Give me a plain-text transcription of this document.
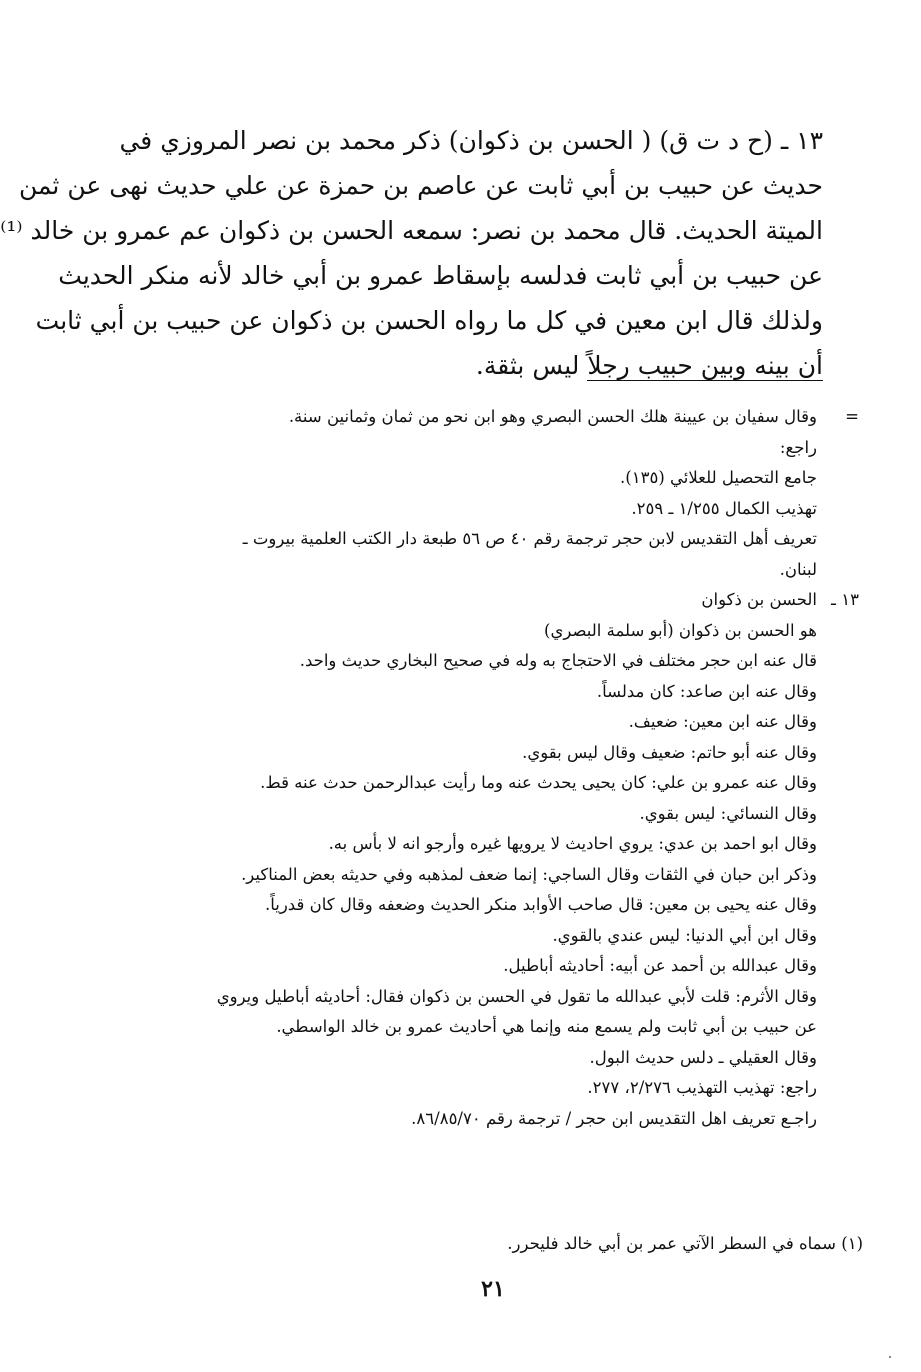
١٣ ـ (ح د ت ق) ( الحسن بن ذكوان) ذكر محمد بن نصر المروزي في
حديث عن حبيب بن أبي ثابت عن عاصم بن حمزة عن علي حديث نهى عن ثمن
الميتة الحديث. قال محمد بن نصر: سمعه الحسن بن ذكوان عم عمرو بن خالد ⁽¹⁾
عن حبيب بن أبي ثابت فدلسه بإسقاط عمرو بن أبي خالد لأنه منكر الحديث
ولذلك قال ابن معين في كل ما رواه الحسن بن ذكوان عن حبيب بن أبي ثابت
أن بينه وبين حبيب رجلاً ليس بثقة.
=وقال سفيان بن عيينة هلك الحسن البصري وهو ابن نحو من ثمان وثمانين سنة.
راجع:
جامع التحصيل للعلائي (١٣٥).
تهذيب الكمال ١/٢٥٥ ـ ٢٥٩.
تعريف أهل التقديس لابن حجر ترجمة رقم ٤٠ ص ٥٦ طبعة دار الكتب العلمية بيروت ـ
لبنان.
١٣ ـالحسن بن ذكوان
هو الحسن بن ذكوان (أبو سلمة البصري)
قال عنه ابن حجر مختلف في الاحتجاج به وله في صحيح البخاري حديث واحد.
وقال عنه ابن صاعد: كان مدلساً.
وقال عنه ابن معين: ضعيف.
وقال عنه أبو حاتم: ضعيف وقال ليس بقوي.
وقال عنه عمرو بن علي: كان يحيى يحدث عنه وما رأيت عبدالرحمن حدث عنه قط.
وقال النسائي: ليس بقوي.
وقال ابو احمد بن عدي: يروي احاديث لا يرويها غيره وأرجو انه لا بأس به.
وذكر ابن حبان في الثقات وقال الساجي: إنما ضعف لمذهبه وفي حديثه بعض المناكير.
وقال عنه يحيى بن معين: قال صاحب الأوابد منكر الحديث وضعفه وقال كان قدرياً.
وقال ابن أبي الدنيا: ليس عندي بالقوي.
وقال عبدالله بن أحمد عن أبيه: أحاديثه أباطيل.
وقال الأثرم: قلت لأبي عبدالله ما تقول في الحسن بن ذكوان فقال: أحاديثه أباطيل ويروي
عن حبيب بن أبي ثابت ولم يسمع منه وإنما هي أحاديث عمرو بن خالد الواسطي.
وقال العقيلي ـ دلس حديث البول.
راجع: تهذيب التهذيب ٢/٢٧٦، ٢٧٧.
راجـع تعريف اهل التقديس ابن حجر / ترجمة رقم ٨٦/٨٥/٧٠.
(١) سماه في السطر الآتي عمر بن أبي خالد فليحرر.
٢١
